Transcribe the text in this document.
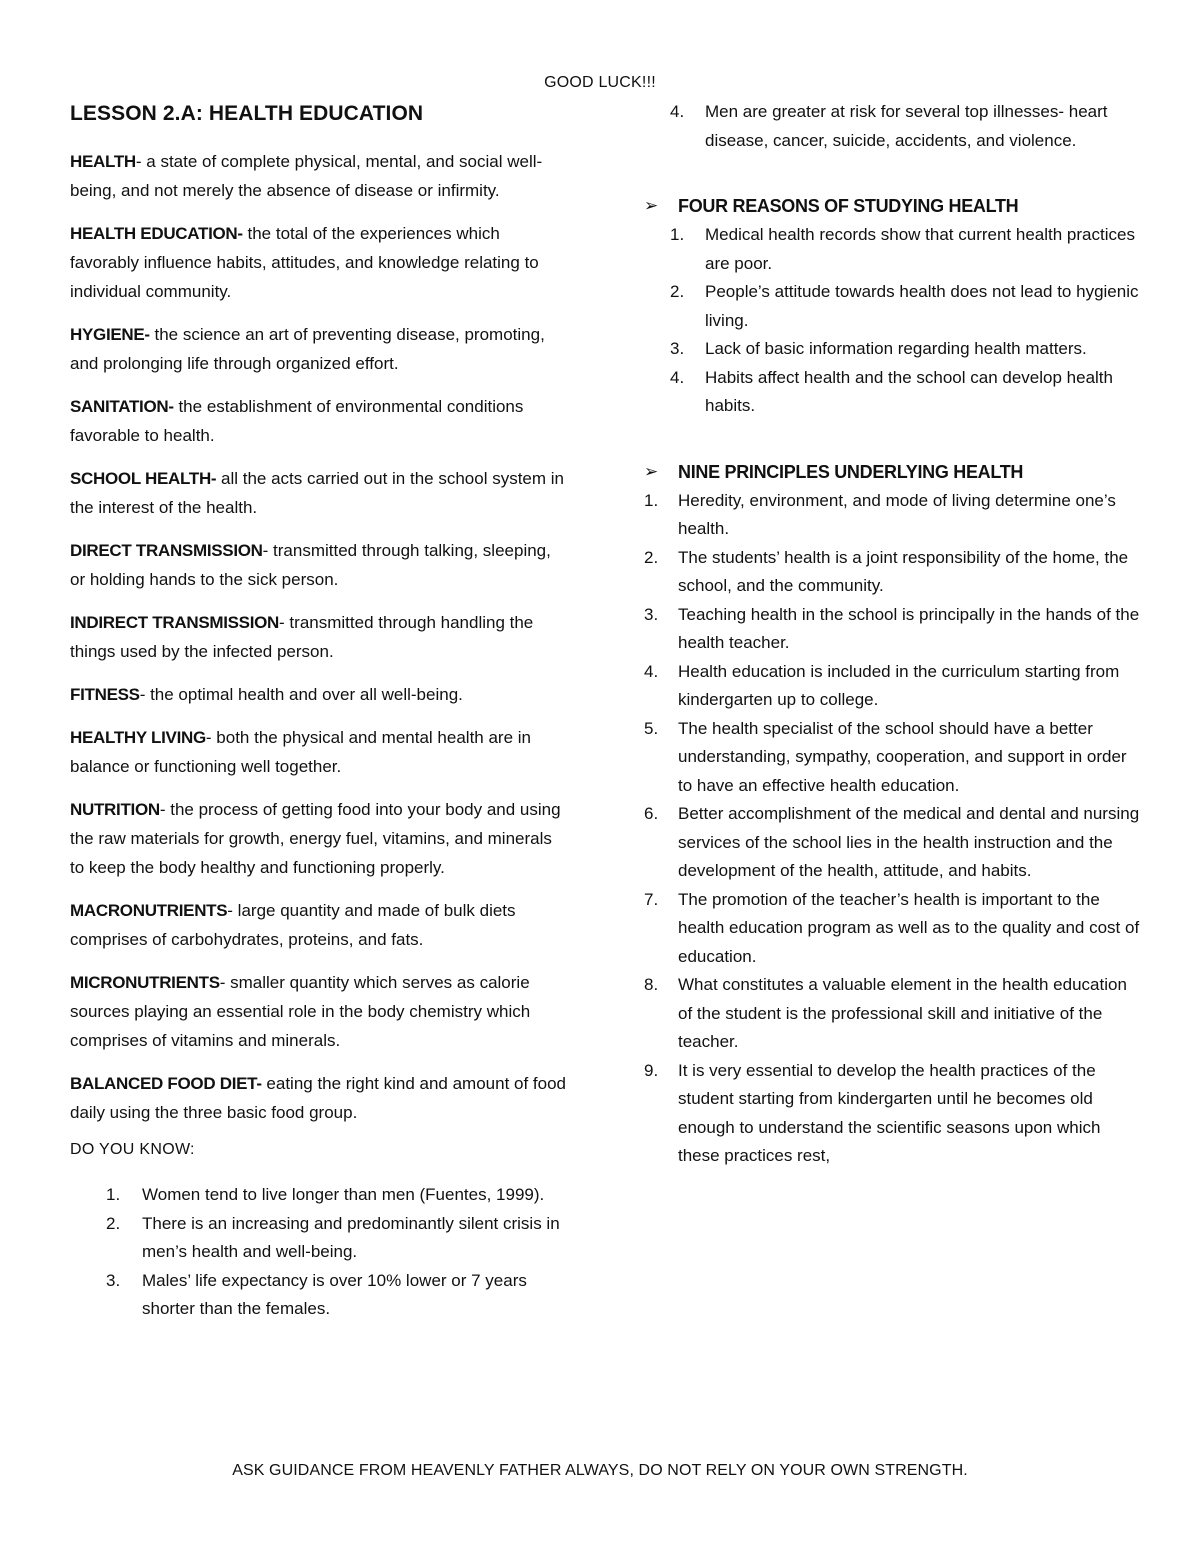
GOOD LUCK!!!
LESSON 2.A: HEALTH EDUCATION

HEALTH- a state of complete physical, mental, and social well-being, and not merely the absence of disease or infirmity.

HEALTH EDUCATION- the total of the experiences which favorably influence habits, attitudes, and knowledge relating to individual community.

HYGIENE- the science an art of preventing disease, promoting, and prolonging life through organized effort.

SANITATION- the establishment of environmental conditions favorable to health.

SCHOOL HEALTH- all the acts carried out in the school system in the interest of the health.

DIRECT TRANSMISSION- transmitted through talking, sleeping, or holding hands to the sick person.

INDIRECT TRANSMISSION- transmitted through handling the things used by the infected person.

FITNESS- the optimal health and over all well-being.

HEALTHY LIVING- both the physical and mental health are in balance or functioning well together.

NUTRITION- the process of getting food into your body and using the raw materials for growth, energy fuel, vitamins, and minerals to keep the body healthy and functioning properly.

MACRONUTRIENTS- large quantity and made of bulk diets comprises of carbohydrates, proteins, and fats.

MICRONUTRIENTS- smaller quantity which serves as calorie sources playing an essential role in the body chemistry which comprises of vitamins and minerals.

BALANCED FOOD DIET- eating the right kind and amount of food daily using the three basic food group.

DO YOU KNOW:
1. Women tend to live longer than men (Fuentes, 1999).
2. There is an increasing and predominantly silent crisis in men’s health and well-being.
3. Males’ life expectancy is over 10% lower or 7 years shorter than the females.
4. Men are greater at risk for several top illnesses- heart disease, cancer, suicide, accidents, and violence.
➢ FOUR REASONS OF STUDYING HEALTH
1. Medical health records show that current health practices are poor.
2. People’s attitude towards health does not lead to hygienic living.
3. Lack of basic information regarding health matters.
4. Habits affect health and the school can develop health habits.
➢ NINE PRINCIPLES UNDERLYING HEALTH
1. Heredity, environment, and mode of living determine one’s health.
2. The students’ health is a joint responsibility of the home, the school, and the community.
3. Teaching health in the school is principally in the hands of the health teacher.
4. Health education is included in the curriculum starting from kindergarten up to college.
5. The health specialist of the school should have a better understanding, sympathy, cooperation, and support in order to have an effective health education.
6. Better accomplishment of the medical and dental and nursing services of the school lies in the health instruction and the development of the health, attitude, and habits.
7. The promotion of the teacher’s health is important to the health education program as well as to the quality and cost of education.
8. What constitutes a valuable element in the health education of the student is the professional skill and initiative of the teacher.
9. It is very essential to develop the health practices of the student starting from kindergarten until he becomes old enough to understand the scientific seasons upon which these practices rest,
ASK GUIDANCE FROM HEAVENLY FATHER ALWAYS, DO NOT RELY ON YOUR OWN STRENGTH.
